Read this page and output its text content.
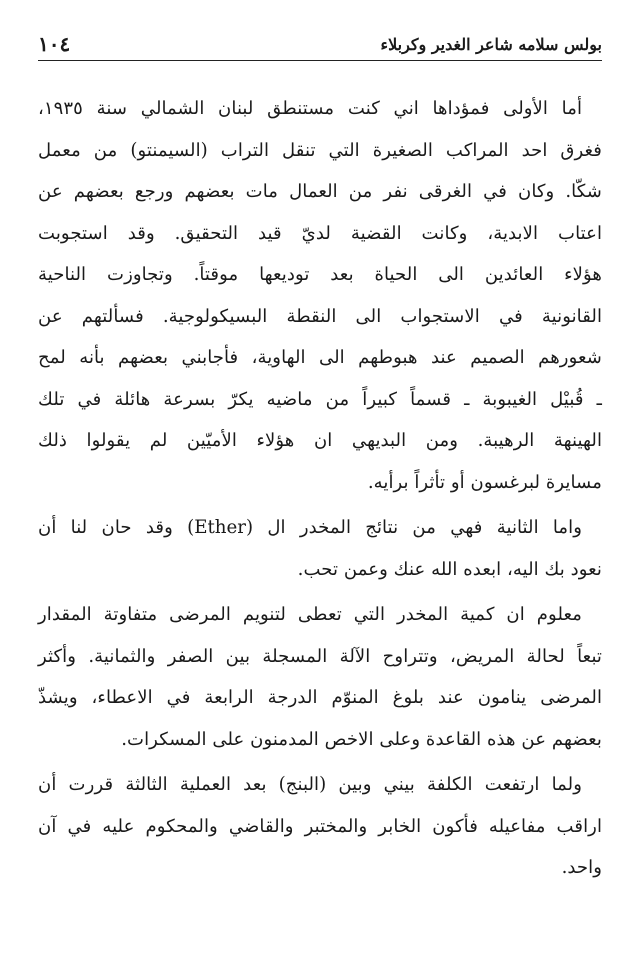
بولس سلامه شاعر الغدير وكربلاء
١٠٤

أما الأولى فمؤداها اني كنت مستنطق لبنان الشمالي سنة ١٩٣٥،
فغرق احد المراكب الصغيرة التي تنقل التراب (السيمنتو) من معمل
شكّا. وكان في الغرقى نفر من العمال مات بعضهم ورجع بعضهم عن
اعتاب الابدية، وكانت القضية لديّ قيد التحقيق. وقد استجوبت
هؤلاء العائدين الى الحياة بعد توديعها موقتاً. وتجاوزت الناحية
القانونية في الاستجواب الى النقطة البسيكولوجية. فسألتهم عن
شعورهم الصميم عند هبوطهم الى الهاوية، فأجابني بعضهم بأنه لمح
ـ قُبيْل الغيبوبة ـ قسماً كبيراً من ماضيه يكرّ بسرعة هائلة في تلك
الهينهة الرهيبة. ومن البديهي ان هؤلاء الأميّين لم يقولوا ذلك
مسايرة لبرغسون أو تأثراً برأيه.

واما الثانية فهي من نتائج المخدر ال (Ether) وقد حان لنا أن
نعود بك اليه، ابعده الله عنك وعمن تحب.

معلوم ان كمية المخدر التي تعطى لتنويم المرضى متفاوتة المقدار
تبعاً لحالة المريض، وتتراوح الآلة المسجلة بين الصفر والثمانية. وأكثر
المرضى ينامون عند بلوغ المنوّم الدرجة الرابعة في الاعطاء، ويشذّ
بعضهم عن هذه القاعدة وعلى الاخص المدمنون على المسكرات.

ولما ارتفعت الكلفة بيني وبين (البنج) بعد العملية الثالثة قررت أن
اراقب مفاعيله فأكون الخابر والمختبر والقاضي والمحكوم عليه في آن
واحد.
